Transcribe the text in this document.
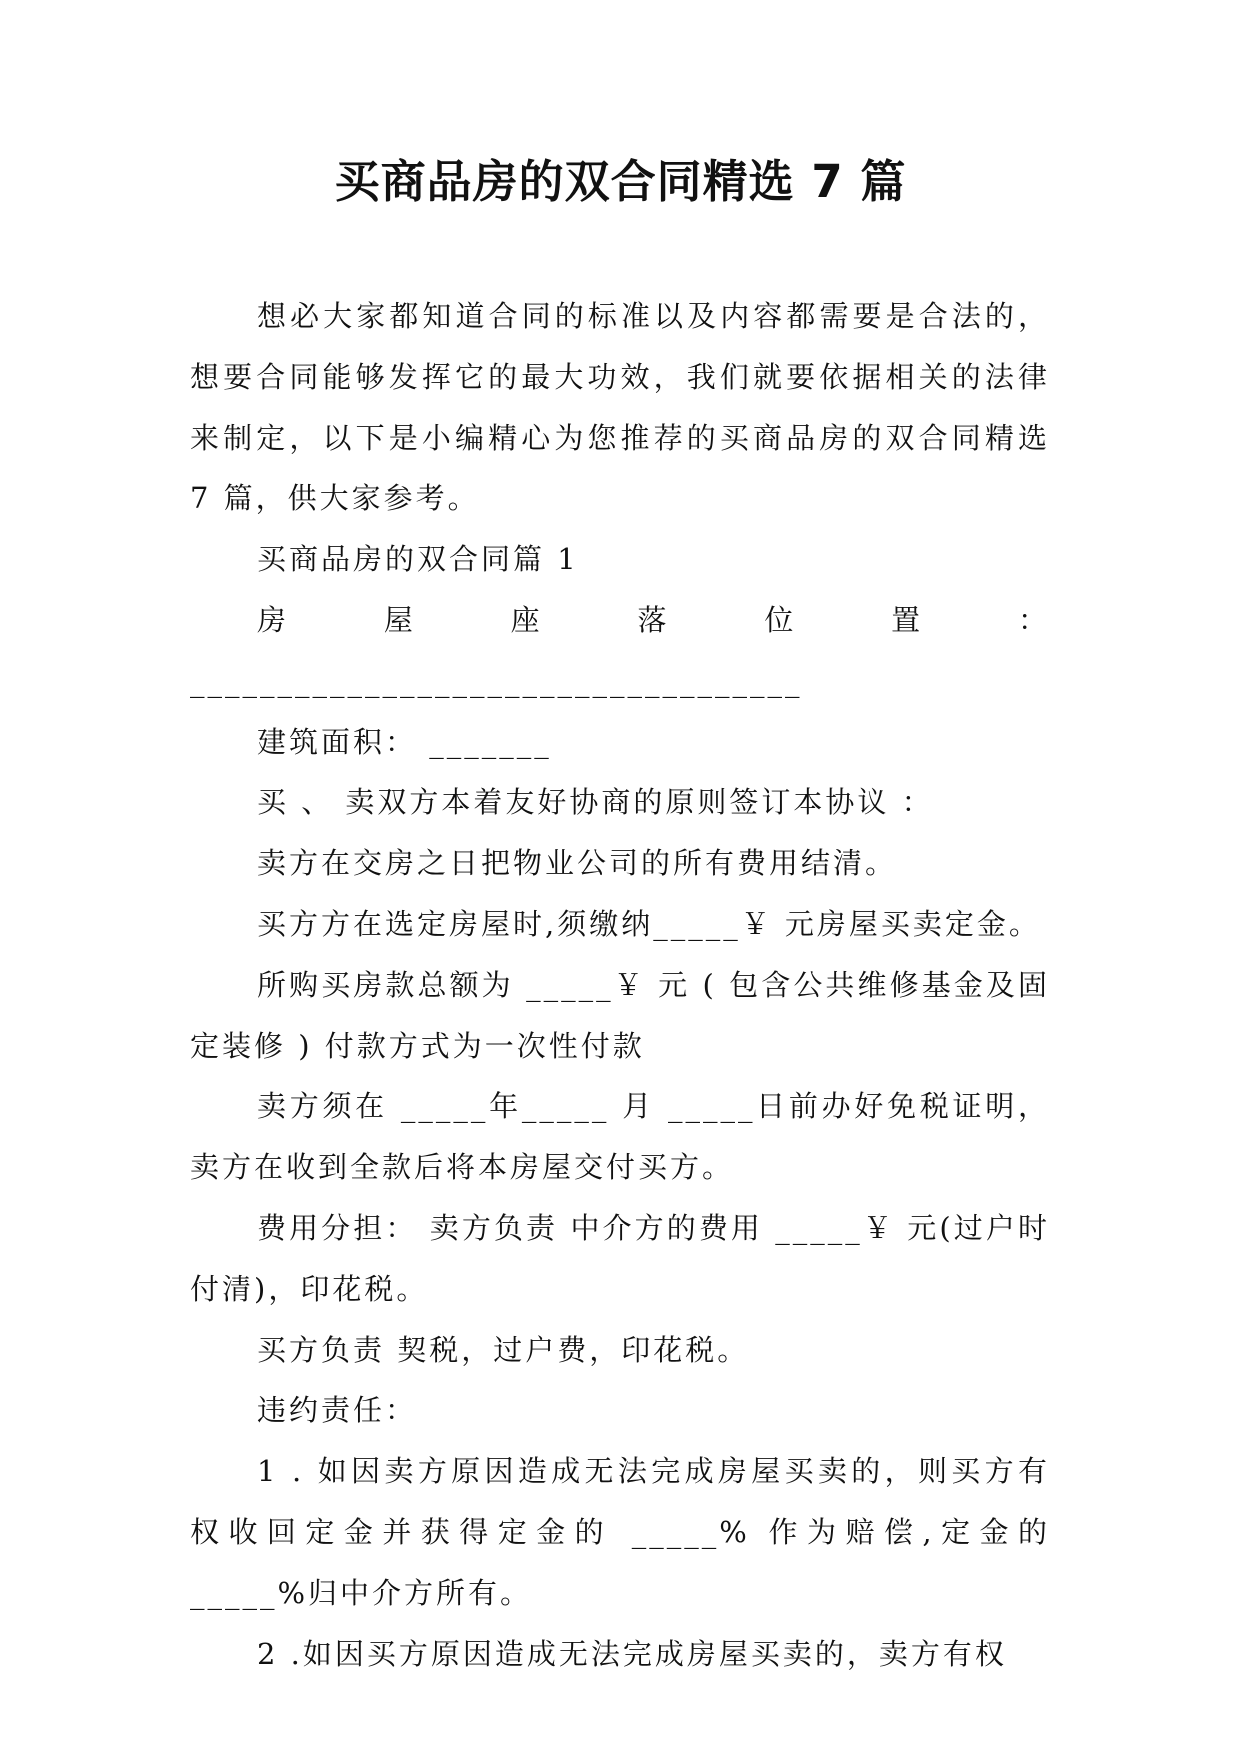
买商品房的双合同精选 7 篇

想必大家都知道合同的标准以及内容都需要是合法的，想要合同能够发挥它的最大功效，我们就要依据相关的法律来制定，以下是小编精心为您推荐的买商品房的双合同精选 7 篇，供大家参考。

买商品房的双合同篇 1

房屋座落位置：___________________________________

建筑面积： _______

买 、 卖双方本着友好协商的原则签订本协议 ：

卖方在交房之日把物业公司的所有费用结清。

买方方在选定房屋时,须缴纳_____￥ 元房屋买卖定金。

所购买房款总额为 _____￥ 元 ( 包含公共维修基金及固定装修 ) 付款方式为一次性付款

卖方须在 _____年_____ 月 _____日前办好免税证明，卖方在收到全款后将本房屋交付买方。

费用分担： 卖方负责 中介方的费用 _____￥ 元(过户时付清)，印花税。

买方负责 契税，过户费，印花税。

违约责任：

1 . 如因卖方原因造成无法完成房屋买卖的，则买方有权收回定金并获得定金的 _____% 作为赔偿,定金的 _____%归中介方所有。

2 .如因买方原因造成无法完成房屋买卖的，卖方有权
